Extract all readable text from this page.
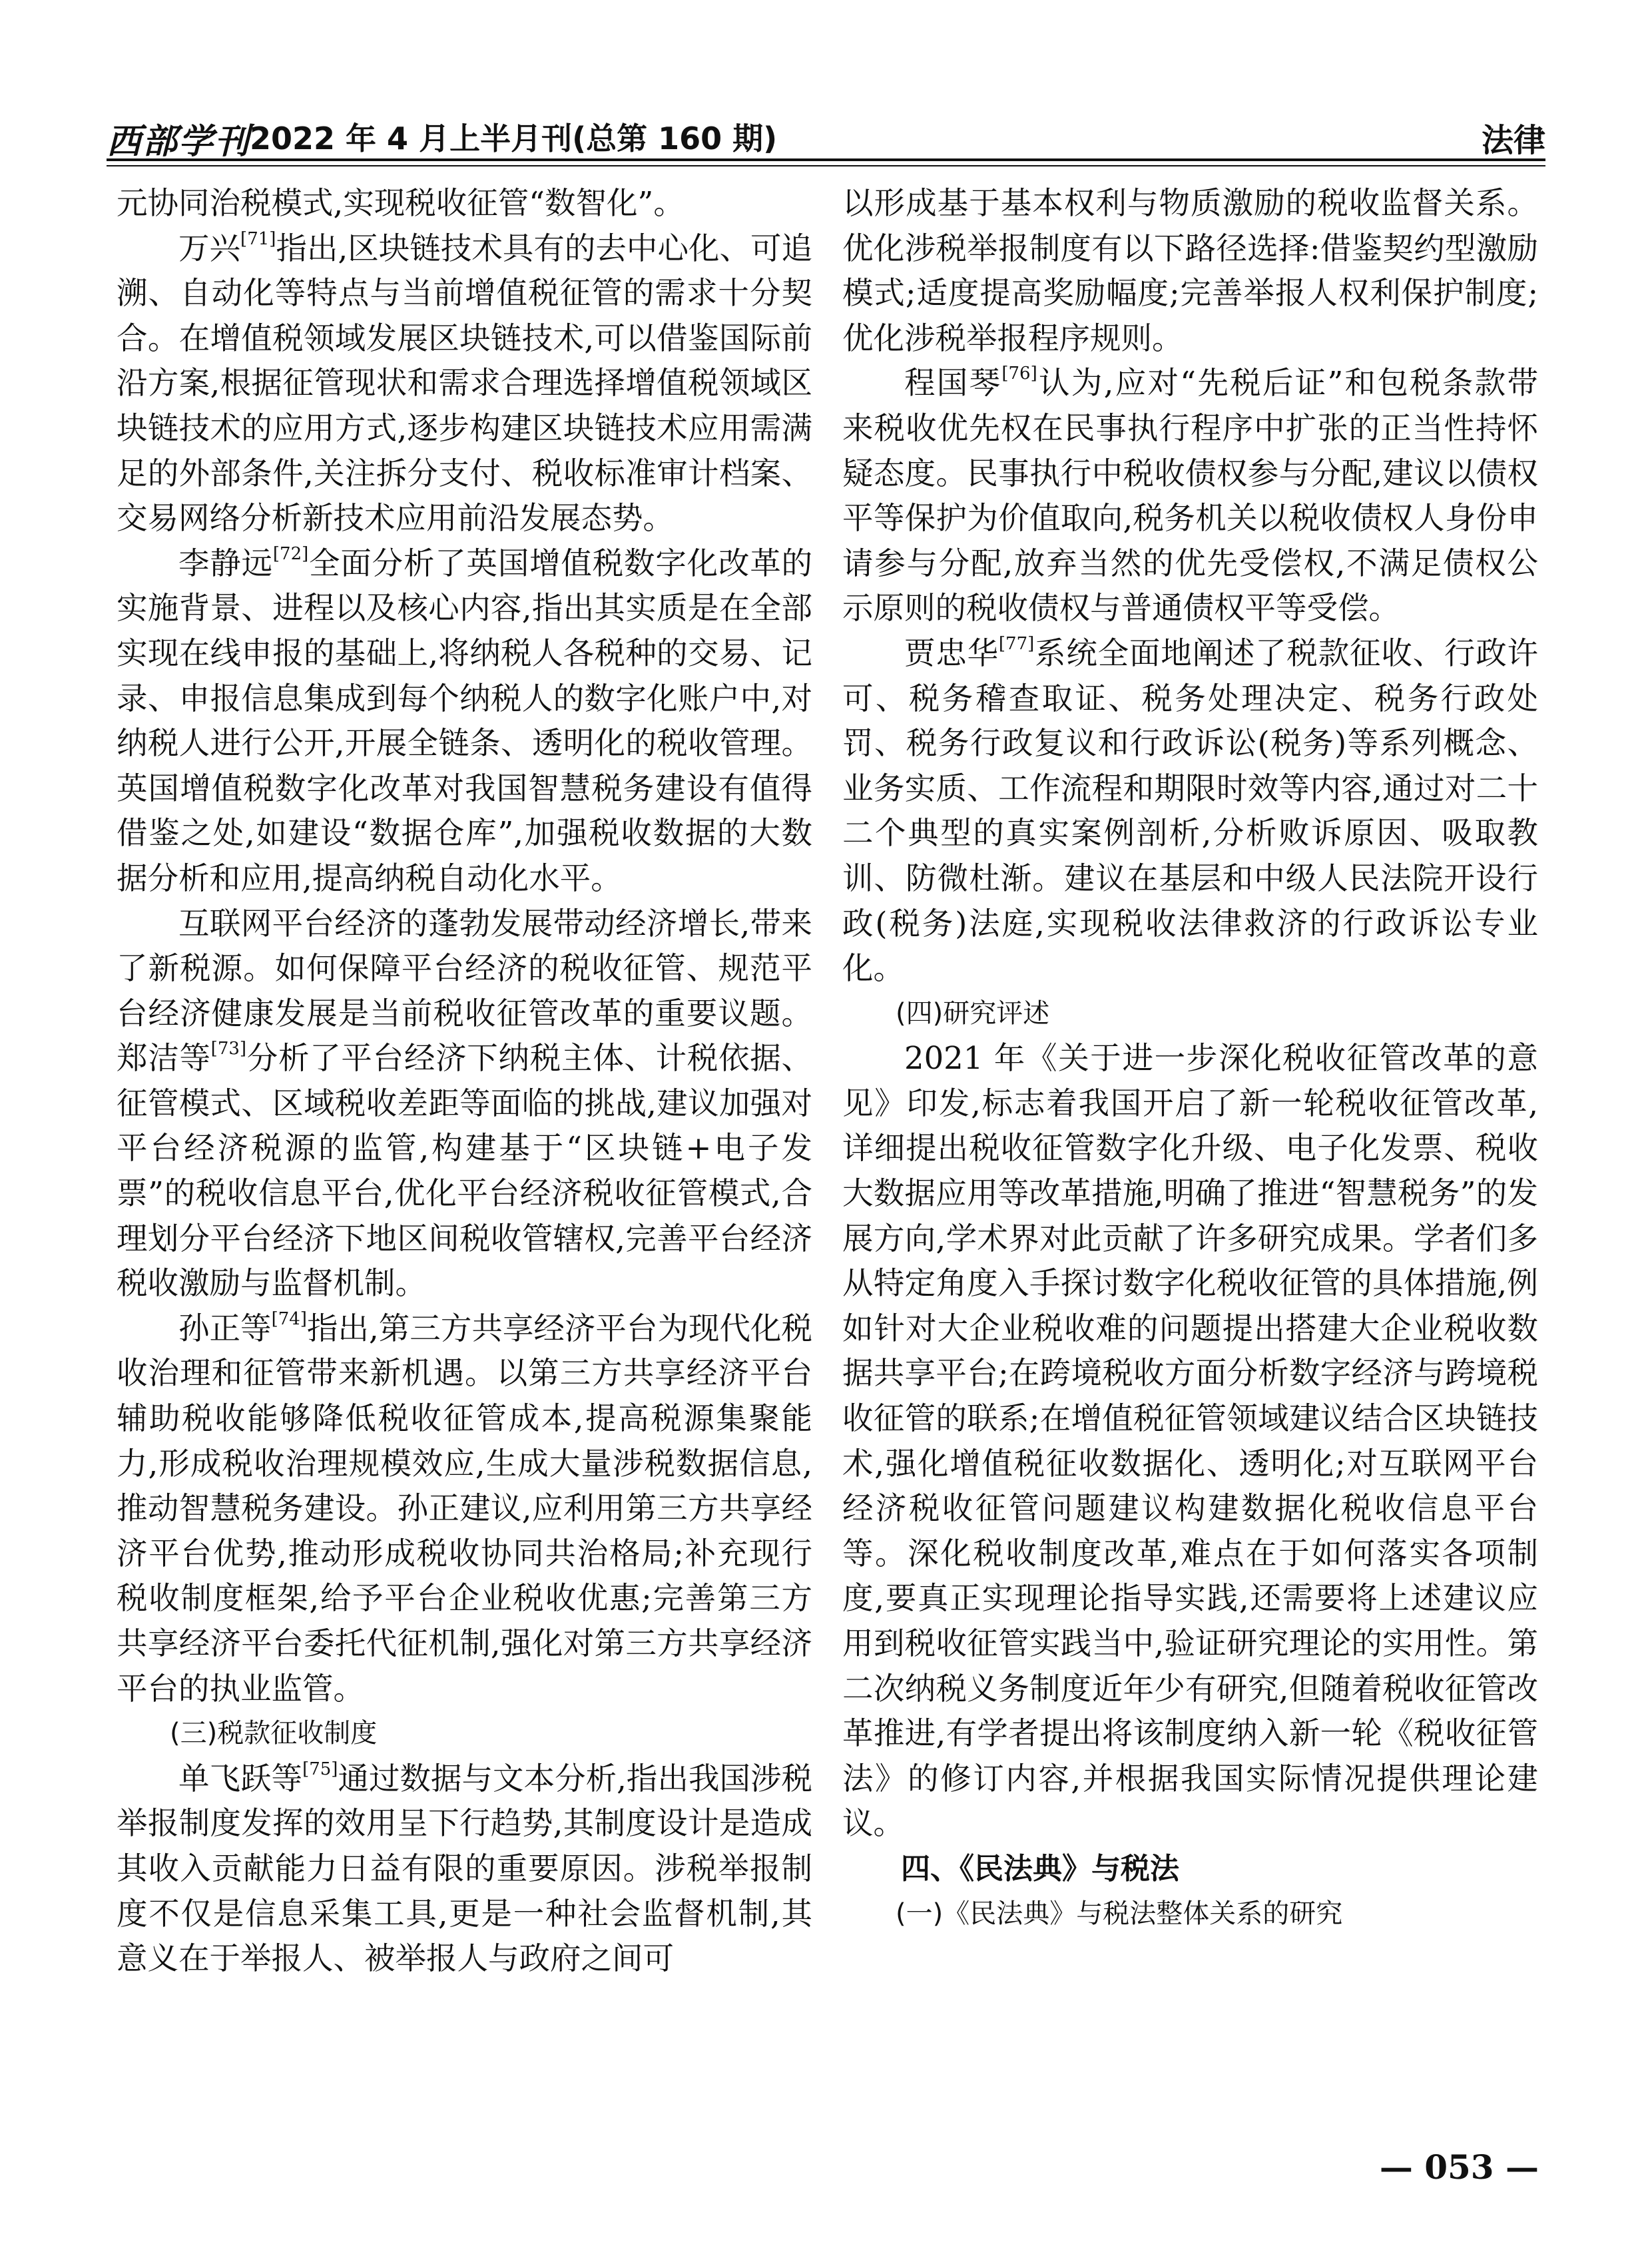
西部学刊
2022 年 4 月上半月刊(总第 160 期)	法律

元协同治税模式,实现税收征管“数智化”。

万兴[71]指出,区块链技术具有的去中心化、可追溯、自动化等特点与当前增值税征管的需求十分契合。在增值税领域发展区块链技术,可以借鉴国际前沿方案,根据征管现状和需求合理选择增值税领域区块链技术的应用方式,逐步构建区块链技术应用需满足的外部条件,关注拆分支付、税收标准审计档案、交易网络分析新技术应用前沿发展态势。

李静远[72]全面分析了英国增值税数字化改革的实施背景、进程以及核心内容,指出其实质是在全部实现在线申报的基础上,将纳税人各税种的交易、记录、申报信息集成到每个纳税人的数字化账户中,对纳税人进行公开,开展全链条、透明化的税收管理。英国增值税数字化改革对我国智慧税务建设有值得借鉴之处,如建设“数据仓库”,加强税收数据的大数据分析和应用,提高纳税自动化水平。

互联网平台经济的蓬勃发展带动经济增长,带来了新税源。如何保障平台经济的税收征管、规范平台经济健康发展是当前税收征管改革的重要议题。郑洁等[73]分析了平台经济下纳税主体、计税依据、征管模式、区域税收差距等面临的挑战,建议加强对平台经济税源的监管,构建基于“区块链+电子发票”的税收信息平台,优化平台经济税收征管模式,合理划分平台经济下地区间税收管辖权,完善平台经济税收激励与监督机制。

孙正等[74]指出,第三方共享经济平台为现代化税收治理和征管带来新机遇。以第三方共享经济平台辅助税收能够降低税收征管成本,提高税源集聚能力,形成税收治理规模效应,生成大量涉税数据信息,推动智慧税务建设。孙正建议,应利用第三方共享经济平台优势,推动形成税收协同共治格局;补充现行税收制度框架,给予平台企业税收优惠;完善第三方共享经济平台委托代征机制,强化对第三方共享经济平台的执业监管。

(三)税款征收制度

单飞跃等[75]通过数据与文本分析,指出我国涉税举报制度发挥的效用呈下行趋势,其制度设计是造成其收入贡献能力日益有限的重要原因。涉税举报制度不仅是信息采集工具,更是一种社会监督机制,其意义在于举报人、被举报人与政府之间可

以形成基于基本权利与物质激励的税收监督关系。优化涉税举报制度有以下路径选择:借鉴契约型激励模式;适度提高奖励幅度;完善举报人权利保护制度;优化涉税举报程序规则。

程国琴[76]认为,应对“先税后证”和包税条款带来税收优先权在民事执行程序中扩张的正当性持怀疑态度。民事执行中税收债权参与分配,建议以债权平等保护为价值取向,税务机关以税收债权人身份申请参与分配,放弃当然的优先受偿权,不满足债权公示原则的税收债权与普通债权平等受偿。

贾忠华[77]系统全面地阐述了税款征收、行政许可、税务稽查取证、税务处理决定、税务行政处罚、税务行政复议和行政诉讼(税务)等系列概念、业务实质、工作流程和期限时效等内容,通过对二十二个典型的真实案例剖析,分析败诉原因、吸取教训、防微杜渐。建议在基层和中级人民法院开设行政(税务)法庭,实现税收法律救济的行政诉讼专业化。

(四)研究评述

2021 年《关于进一步深化税收征管改革的意见》印发,标志着我国开启了新一轮税收征管改革,详细提出税收征管数字化升级、电子化发票、税收大数据应用等改革措施,明确了推进“智慧税务”的发展方向,学术界对此贡献了许多研究成果。学者们多从特定角度入手探讨数字化税收征管的具体措施,例如针对大企业税收难的问题提出搭建大企业税收数据共享平台;在跨境税收方面分析数字经济与跨境税收征管的联系;在增值税征管领域建议结合区块链技术,强化增值税征收数据化、透明化;对互联网平台经济税收征管问题建议构建数据化税收信息平台等。深化税收制度改革,难点在于如何落实各项制度,要真正实现理论指导实践,还需要将上述建议应用到税收征管实践当中,验证研究理论的实用性。第二次纳税义务制度近年少有研究,但随着税收征管改革推进,有学者提出将该制度纳入新一轮《税收征管法》的修订内容,并根据我国实际情况提供理论建议。

四、《民法典》与税法

(一)《民法典》与税法整体关系的研究

— 053 —
